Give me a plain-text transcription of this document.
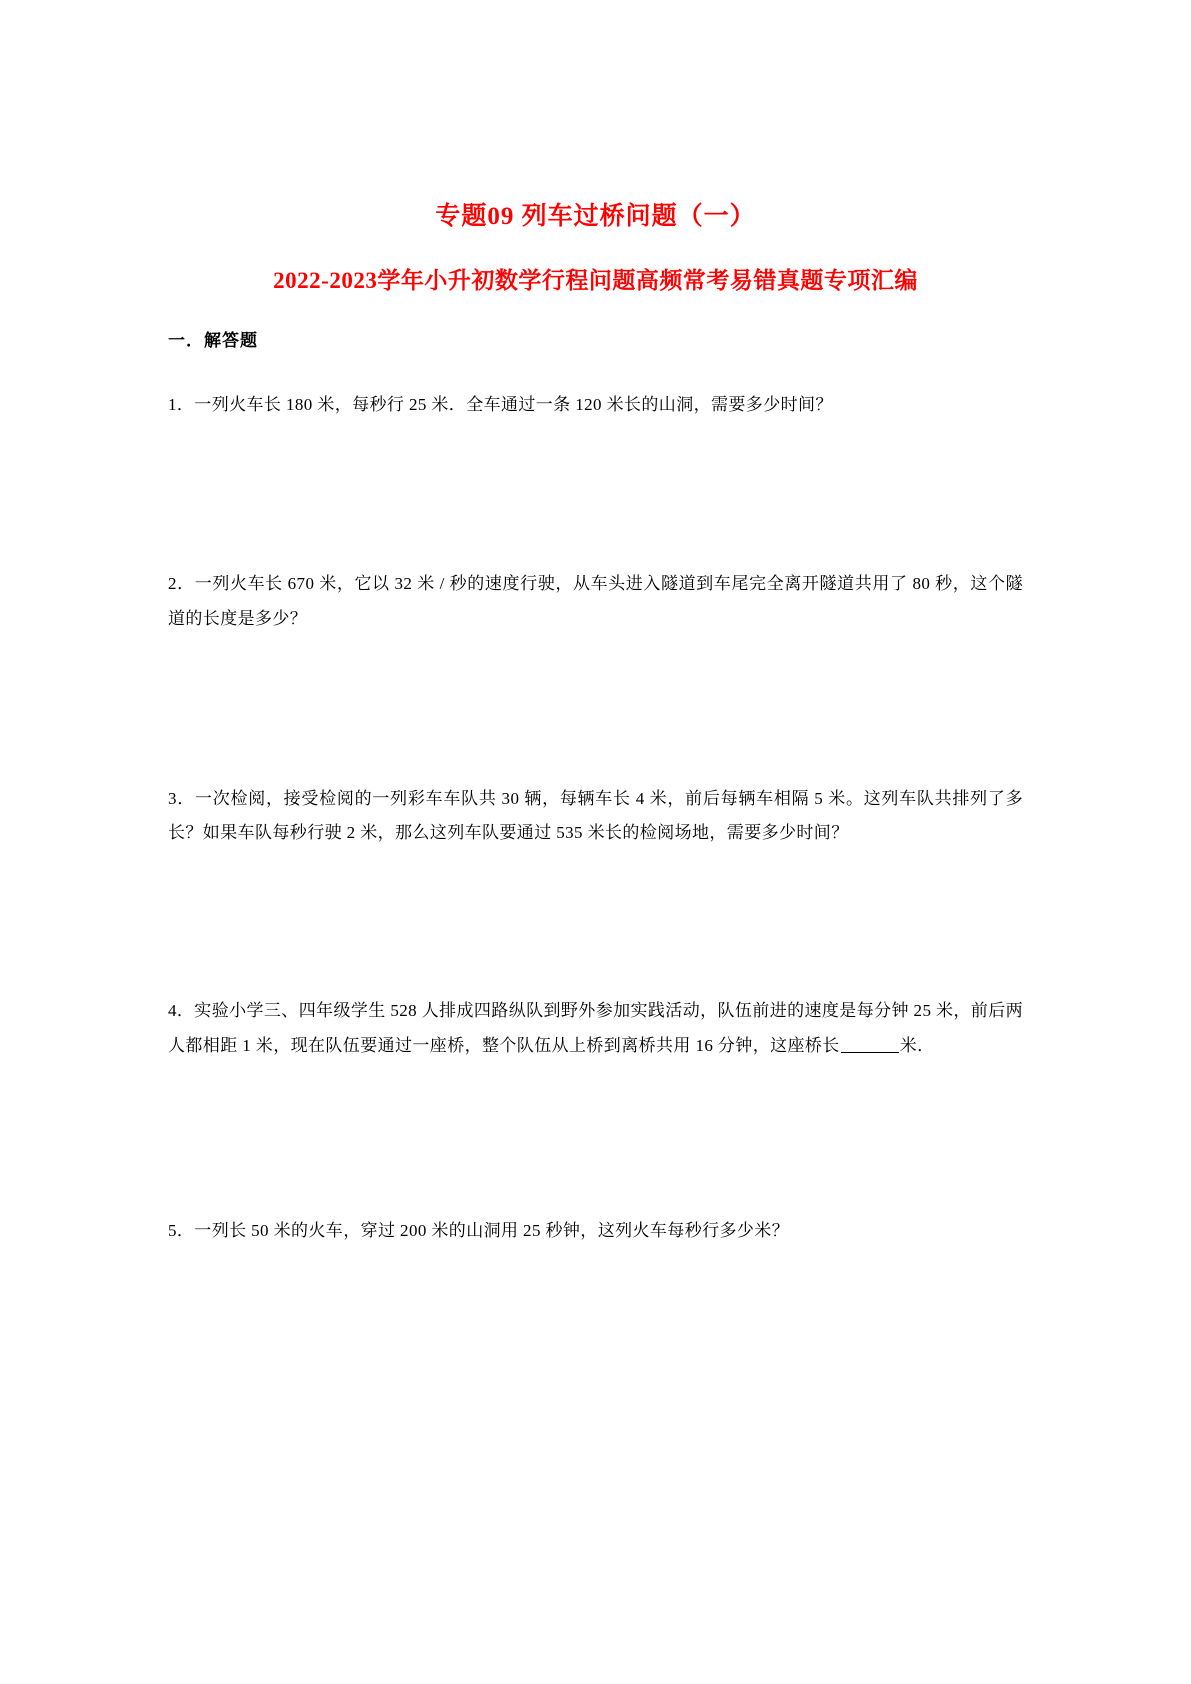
专题09 列车过桥问题（一）
2022-2023学年小升初数学行程问题高频常考易错真题专项汇编
一．解答题

1．一列火车长 180 米，每秒行 25 米．全车通过一条 120 米长的山洞，需要多少时间？

2．一列火车长 670 米，它以 32 米 / 秒的速度行驶，从车头进入隧道到车尾完全离开隧道共用了 80 秒，这个隧道的长度是多少？

3．一次检阅，接受检阅的一列彩车车队共 30 辆，每辆车长 4 米，前后每辆车相隔 5 米。这列车队共排列了多长？如果车队每秒行驶 2 米，那么这列车队要通过 535 米长的检阅场地，需要多少时间？

4．实验小学三、四年级学生 528 人排成四路纵队到野外参加实践活动，队伍前进的速度是每分钟 25 米，前后两人都相距 1 米，现在队伍要通过一座桥，整个队伍从上桥到离桥共用 16 分钟，这座桥长	米．

5．一列长 50 米的火车，穿过 200 米的山洞用 25 秒钟，这列火车每秒行多少米？
